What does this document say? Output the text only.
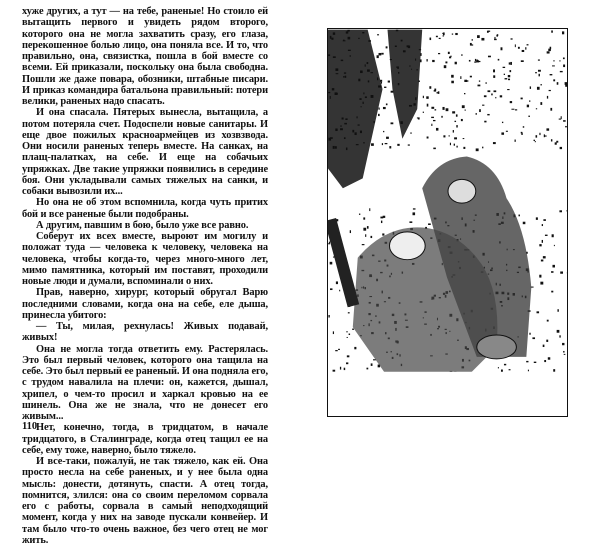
хуже других, а тут — на тебе, раненые! Но стоило ей вытащить первого и увидеть рядом второго, которого она не могла захватить сразу, его глаза, перекошенное болью лицо, она поняла все. И то, что правильно, она, связистка, пошла в бой вместе со всеми. Ей приказали, поскольку она была свободна. Пошли же даже повара, обозники, штабные писари. И приказ командира батальона правильный: потери велики, раненых надо спасать.

И она спасала. Пятерых вынесла, вытащила, а потом потеряла счет. Подоспели новые санитары. И еще двое пожилых красноармейцев из хозвзвода. Они носили раненых теперь вместе. На санках, на плащ-палатках, на себе. И еще на собачьих упряжках. Две такие упряжки появились в середине боя. Они укладывали самых тяжелых на санки, и собаки вывозили их...

Но она не об этом вспомнила, когда чуть притих бой и все раненые были подобраны.

А другим, павшим в бою, было уже все равно.

Соберут их всех вместе, выроют им могилу и положат туда — человека к человеку, человека на человека, чтобы когда-то, через много-много лет, мимо памятника, который им поставят, проходили новые люди и думали, вспоминали о них.

Прав, наверно, хирург, который обругал Варю последними словами, когда она на себе, еле дыша, принесла убитого:

— Ты, милая, рехнулась! Живых подавай, живых!

Она не могла тогда ответить ему. Растерялась. Это был первый человек, которого она тащила на себе. Это был первый ее раненый. И она подняла его, с трудом навалила на плечи: он, кажется, дышал, хрипел, о чем-то просил и харкал кровью на ее шинель. Она же не знала, что не донесет его живым...

Нет, конечно, тогда, в тридцатом, в начале тридцатого, в Сталинграде, когда отец тащил ее на себе, ему тоже, наверно, было тяжело.

И все-таки, пожалуй, не так тяжело, как ей. Она просто несла на себе раненых, и у нее была одна мысль: донести, дотянуть, спасти. А отец тогда, помнится, злился: она со своим переломом сорвала его с работы, сорвала в самый неподходящий момент, когда у них на заводе пускали конвейер. И там было что-то очень важное, без чего отец не мог жить.

110
